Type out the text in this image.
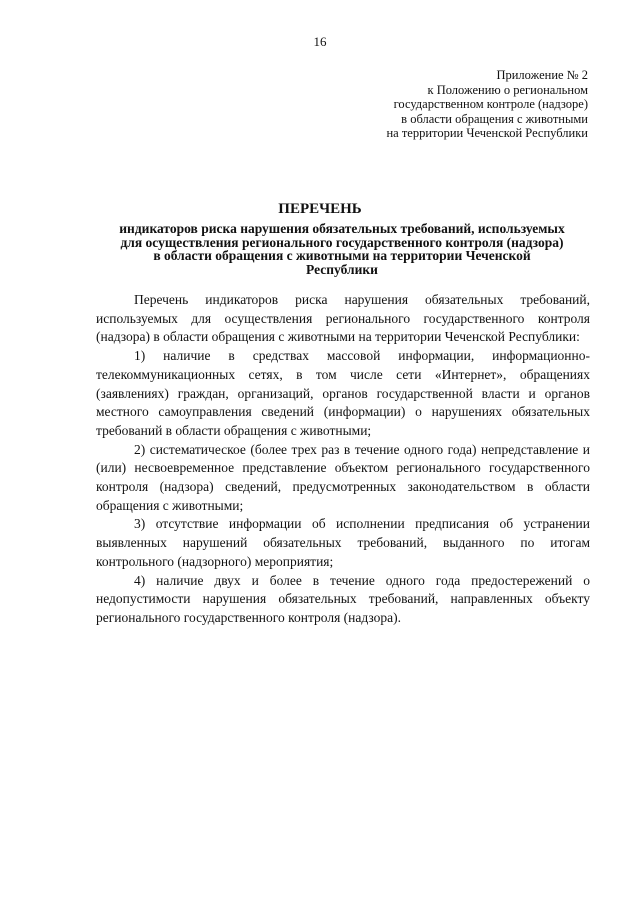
16
Приложение № 2
к Положению о региональном
государственном контроле (надзоре)
в области обращения с животными
на территории Чеченской Республики
ПЕРЕЧЕНЬ
индикаторов риска нарушения обязательных требований, используемых
для осуществления регионального государственного контроля (надзора)
в области обращения с животными на территории Чеченской
Республики

Перечень индикаторов риска нарушения обязательных требований, используемых для осуществления регионального государственного контроля (надзора) в области обращения с животными на территории Чеченской Республики:

1) наличие в средствах массовой информации, информационно-телекоммуникационных сетях, в том числе сети «Интернет», обращениях (заявлениях) граждан, организаций, органов государственной власти и органов местного самоуправления сведений (информации) о нарушениях обязательных требований в области обращения с животными;

2) систематическое (более трех раз в течение одного года) непредставление и (или) несвоевременное представление объектом регионального государственного контроля (надзора) сведений, предусмотренных законодательством в области обращения с животными;

3) отсутствие информации об исполнении предписания об устранении выявленных нарушений обязательных требований, выданного по итогам контрольного (надзорного) мероприятия;

4) наличие двух и более в течение одного года предостережений о недопустимости нарушения обязательных требований, направленных объекту регионального государственного контроля (надзора).
